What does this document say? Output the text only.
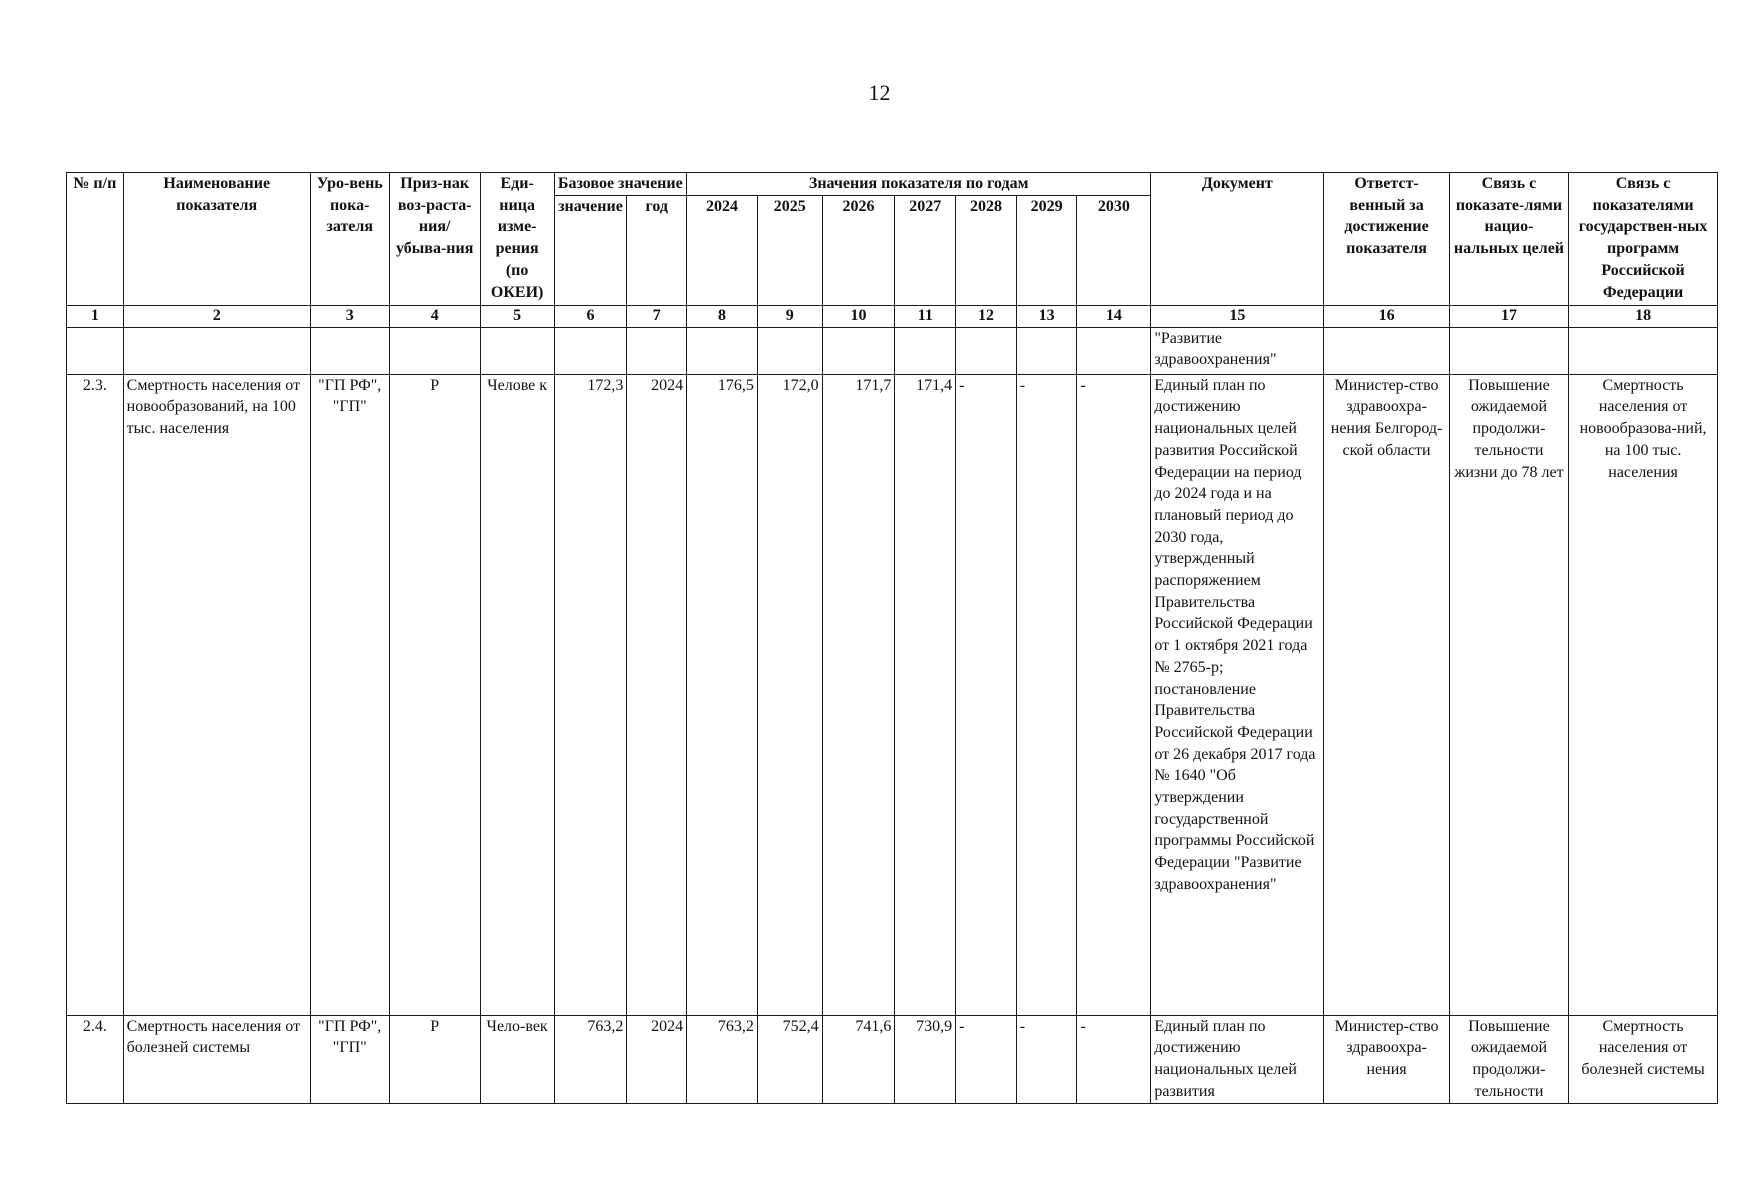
12
№ п/п	Наименование показателя	Уро-вень пока-зателя	Приз-нак воз-раста-ния/ убыва-ния	Еди-ница изме-рения (по ОКЕИ)	Базовое значение		Значения показателя по годам							Документ	Ответст-венный за достижение показателя	Связь с показате-лями нацио-нальных целей	Связь с показателями государствен-ных программ Российской Федерации
					значение	год	2024	2025	2026	2027	2028	2029	2030				
1	2	3	4	5	6	7	8	9	10	11	12	13	14	15	16	17	18
														"Развитие здравоохранения"			
2.3.	Смертность населения от новообразований, на 100 тыс. населения	"ГП РФ", "ГП"	Р	Челове к	172,3	2024	176,5	172,0	171,7	171,4	-	-	-	Единый план по достижению национальных целей развития Российской Федерации на период до 2024 года и на плановый период до 2030 года, утвержденный распоряжением Правительства Российской Федерации от 1 октября 2021 года № 2765-р; постановление Правительства Российской Федерации от 26 декабря 2017 года № 1640 "Об утверждении государственной программы Российской Федерации "Развитие здравоохранения"	Министер-ство здравоохра-нения Белгород-ской области	Повышение ожидаемой продолжи-тельности жизни до 78 лет	Смертность населения от новообразова-ний, на 100 тыс. населения
2.4.	Смертность населения от болезней системы	"ГП РФ", "ГП"	Р	Чело-век	763,2	2024	763,2	752,4	741,6	730,9	-	-	-	Единый план по достижению национальных целей развития	Министер-ство здравоохра-нения	Повышение ожидаемой продолжи-тельности	Смертность населения от болезней системы
